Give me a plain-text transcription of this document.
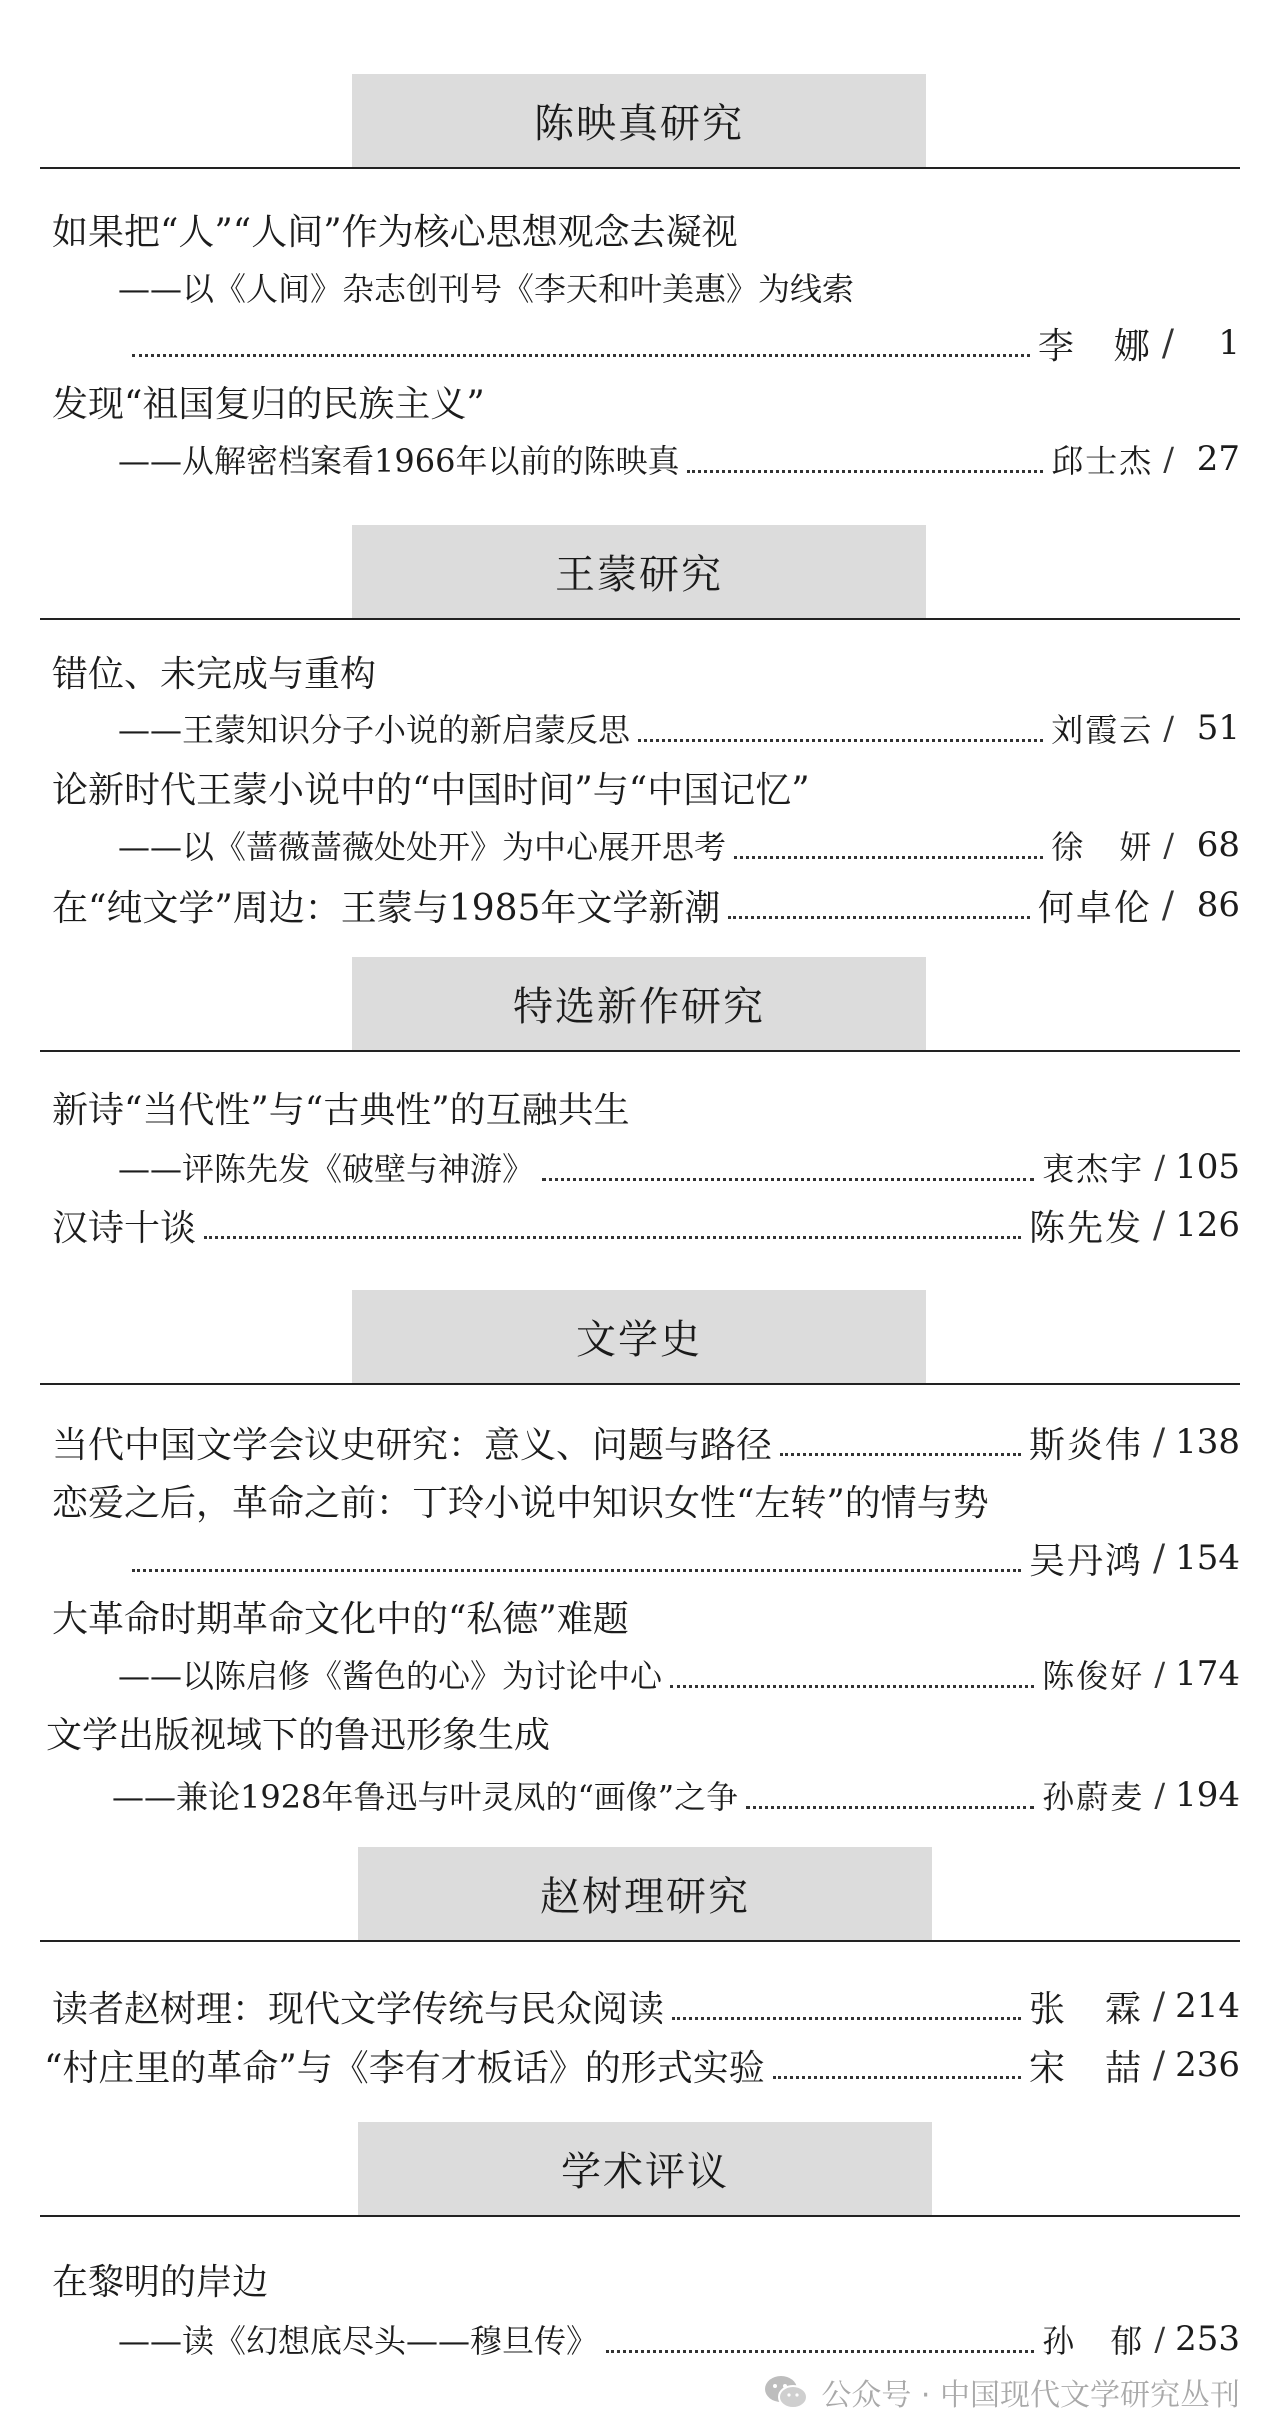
陈映真研究
王蒙研究
特选新作研究
文学史
赵树理研究
学术评议
如果把“人”“人间”作为核心思想观念去凝视
——以《人间》杂志创刊号《李天和叶美惠》为线索
李　娜 /	1
发现“祖国复归的民族主义”
——从解密档案看1966年以前的陈映真	邱士杰 / 27
错位、未完成与重构
——王蒙知识分子小说的新启蒙反思	刘霞云 / 51
论新时代王蒙小说中的“中国时间”与“中国记忆”
——以《蔷薇蔷薇处处开》为中心展开思考	徐　妍 / 68
在“纯文学”周边：王蒙与1985年文学新潮	何卓伦 / 86
新诗“当代性”与“古典性”的互融共生
——评陈先发《破壁与神游》	衷杰宇 / 105
汉诗十谈	陈先发 / 126
当代中国文学会议史研究：意义、问题与路径	斯炎伟 / 138
恋爱之后，革命之前：丁玲小说中知识女性“左转”的情与势
吴丹鸿 / 154
大革命时期革命文化中的“私德”难题
——以陈启修《酱色的心》为讨论中心	陈俊好 / 174
文学出版视域下的鲁迅形象生成
——兼论1928年鲁迅与叶灵凤的“画像”之争	孙蔚麦 / 194
读者赵树理：现代文学传统与民众阅读	张　霖 / 214
“村庄里的革命”与《李有才板话》的形式实验	宋　喆 / 236
在黎明的岸边
——读《幻想底尽头——穆旦传》	孙　郁 / 253
公众号 · 中国现代文学研究丛刊
